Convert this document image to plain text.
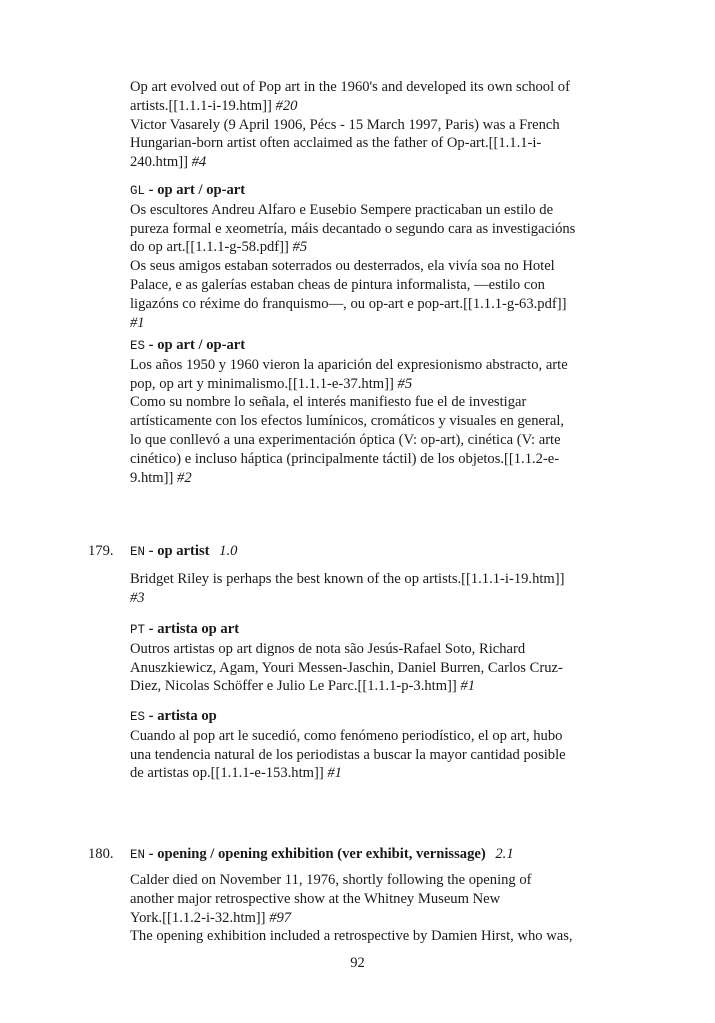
Op art evolved out of Pop art in the 1960's and developed its own school of
artists.[[1.1.1-i-19.htm]] #20
Victor Vasarely (9 April 1906, Pécs - 15 March 1997, Paris) was a French
Hungarian-born artist often acclaimed as the father of Op-art.[[1.1.1-i-
240.htm]] #4
GL - op art / op-art
Os escultores Andreu Alfaro e Eusebio Sempere practicaban un estilo de
pureza formal e xeometría, máis decantado o segundo cara as investigacións
do op art.[[1.1.1-g-58.pdf]] #5
Os seus amigos estaban soterrados ou desterrados, ela vivía soa no Hotel
Palace, e as galerías estaban cheas de pintura informalista, —estilo con
ligazóns co réxime do franquismo—, ou op-art e pop-art.[[1.1.1-g-63.pdf]]
#1
ES - op art / op-art
Los años 1950 y 1960 vieron la aparición del expresionismo abstracto, arte
pop, op art y minimalismo.[[1.1.1-e-37.htm]] #5
Como su nombre lo señala, el interés manifiesto fue el de investigar
artísticamente con los efectos lumínicos, cromáticos y visuales en general,
lo que conllevó a una experimentación óptica (V: op-art), cinética (V: arte
cinético) e incluso háptica (principalmente táctil) de los objetos.[[1.1.2-e-
9.htm]] #2
179. EN - op artist 1.0
Bridget Riley is perhaps the best known of the op artists.[[1.1.1-i-19.htm]]
#3
PT - artista op art
Outros artistas op art dignos de nota são Jesús-Rafael Soto, Richard
Anuszkiewicz, Agam, Youri Messen-Jaschin, Daniel Burren, Carlos Cruz-
Diez, Nicolas Schöffer e Julio Le Parc.[[1.1.1-p-3.htm]] #1
ES - artista op
Cuando al pop art le sucedió, como fenómeno periodístico, el op art, hubo
una tendencia natural de los periodistas a buscar la mayor cantidad posible
de artistas op.[[1.1.1-e-153.htm]] #1
180. EN - opening / opening exhibition (ver exhibit, vernissage) 2.1
Calder died on November 11, 1976, shortly following the opening of
another major retrospective show at the Whitney Museum New
York.[[1.1.2-i-32.htm]] #97
The opening exhibition included a retrospective by Damien Hirst, who was,
92
